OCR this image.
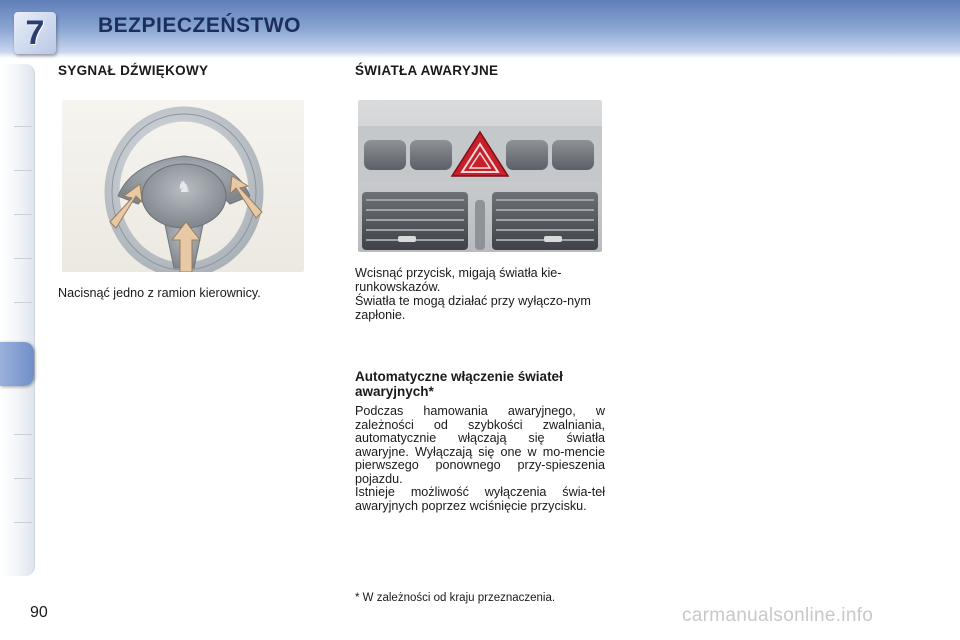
7	BEZPIECZEŃSTWO
SYGNAŁ DŹWIĘKOWY
♞

Nacisnąć jedno z ramion kierownicy.

ŚWIATŁA AWARYJNE

Wcisnąć przycisk, migają światła kie-runkowskazów.

Światła te mogą działać przy wyłączo-nym zapłonie.

Automatyczne włączenie świateł awaryjnych*

Podczas hamowania awaryjnego, w zależności od szybkości zwalniania, automatycznie włączają się światła awaryjne. Wyłączają się one w mo-mencie pierwszego ponownego przy-spieszenia pojazdu.

Istnieje możliwość wyłączenia świa-teł awaryjnych poprzez wciśnięcie przycisku.

* W zależności od kraju przeznaczenia.
90	carmanualsonline.info
